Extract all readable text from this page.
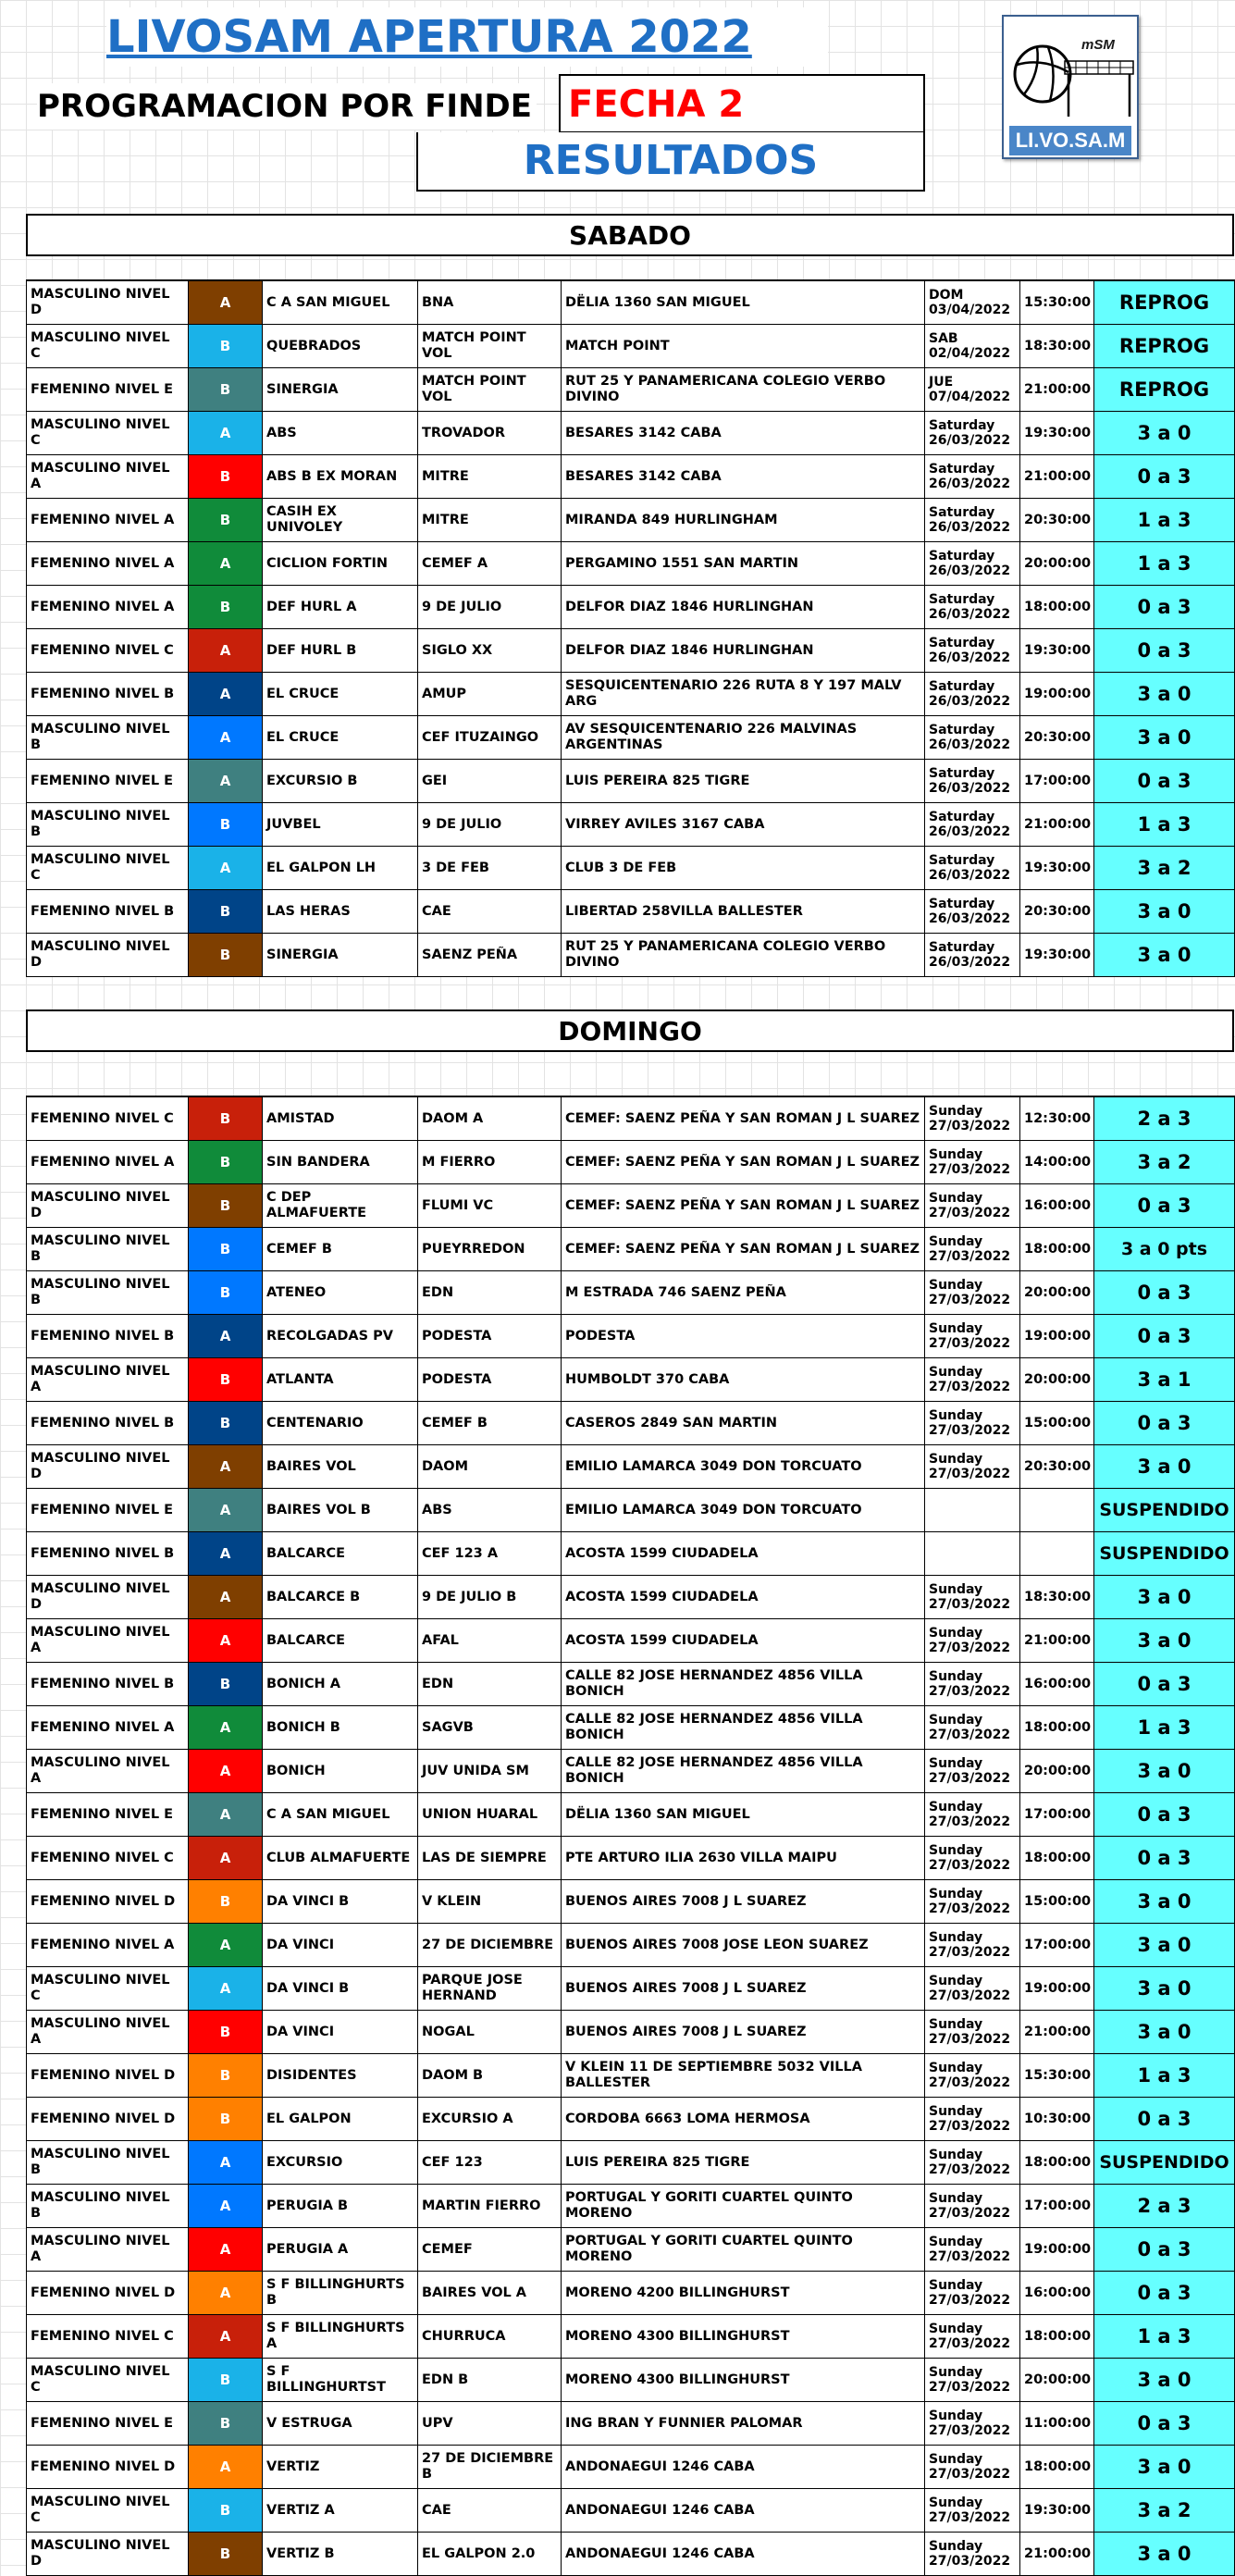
LIVOSAM APERTURA 2022
PROGRAMACION POR FINDE FECHA 2
RESULTADOS
mSM
LI.VO.SA.M
SABADO
MASCULINO NIVEL D	A	C A SAN MIGUEL	BNA	DËLIA 1360 SAN MIGUEL	DOM 03/04/2022	15:30:00	REPROG
MASCULINO NIVEL C	B	QUEBRADOS	MATCH POINT VOL	MATCH POINT	SAB 02/04/2022	18:30:00	REPROG
FEMENINO NIVEL E	B	SINERGIA	MATCH POINT VOL	RUT 25 Y PANAMERICANA COLEGIO VERBO DIVINO	JUE 07/04/2022	21:00:00	REPROG
MASCULINO NIVEL C	A	ABS	TROVADOR	BESARES 3142 CABA	Saturday 26/03/2022	19:30:00	3 a 0
MASCULINO NIVEL A	B	ABS B EX MORAN	MITRE	BESARES 3142 CABA	Saturday 26/03/2022	21:00:00	0 a 3
FEMENINO NIVEL A	B	CASIH EX UNIVOLEY	MITRE	MIRANDA 849 HURLINGHAM	Saturday 26/03/2022	20:30:00	1 a 3
FEMENINO NIVEL A	A	CICLION FORTIN	CEMEF A	PERGAMINO 1551 SAN MARTIN	Saturday 26/03/2022	20:00:00	1 a 3
FEMENINO NIVEL A	B	DEF HURL A	9 DE JULIO	DELFOR DIAZ 1846 HURLINGHAN	Saturday 26/03/2022	18:00:00	0 a 3
FEMENINO NIVEL C	A	DEF HURL B	SIGLO XX	DELFOR DIAZ 1846 HURLINGHAN	Saturday 26/03/2022	19:30:00	0 a 3
FEMENINO NIVEL B	A	EL CRUCE	AMUP	SESQUICENTENARIO 226 RUTA 8 Y 197 MALV ARG	Saturday 26/03/2022	19:00:00	3 a 0
MASCULINO NIVEL B	A	EL CRUCE	CEF ITUZAINGO	AV SESQUICENTENARIO 226 MALVINAS ARGENTINAS	Saturday 26/03/2022	20:30:00	3 a 0
FEMENINO NIVEL E	A	EXCURSIO B	GEI	LUIS PEREIRA 825 TIGRE	Saturday 26/03/2022	17:00:00	0 a 3
MASCULINO NIVEL B	B	JUVBEL	9 DE JULIO	VIRREY AVILES 3167 CABA	Saturday 26/03/2022	21:00:00	1 a 3
MASCULINO NIVEL C	A	EL GALPON LH	3 DE FEB	CLUB 3 DE FEB	Saturday 26/03/2022	19:30:00	3 a 2
FEMENINO NIVEL B	B	LAS HERAS	CAE	LIBERTAD 258VILLA BALLESTER	Saturday 26/03/2022	20:30:00	3 a 0
MASCULINO NIVEL D	B	SINERGIA	SAENZ PEÑA	RUT 25 Y PANAMERICANA COLEGIO VERBO DIVINO	Saturday 26/03/2022	19:30:00	3 a 0
DOMINGO
FEMENINO NIVEL C	B	AMISTAD	DAOM A	CEMEF: SAENZ PEÑA Y SAN ROMAN J L SUAREZ	Sunday 27/03/2022	12:30:00	2 a 3
FEMENINO NIVEL A	B	SIN BANDERA	M FIERRO	CEMEF: SAENZ PEÑA Y SAN ROMAN J L SUAREZ	Sunday 27/03/2022	14:00:00	3 a 2
MASCULINO NIVEL D	B	C DEP ALMAFUERTE	FLUMI VC	CEMEF: SAENZ PEÑA Y SAN ROMAN J L SUAREZ	Sunday 27/03/2022	16:00:00	0 a 3
MASCULINO NIVEL B	B	CEMEF B	PUEYRREDON	CEMEF: SAENZ PEÑA Y SAN ROMAN J L SUAREZ	Sunday 27/03/2022	18:00:00	3 a 0 pts
MASCULINO NIVEL B	B	ATENEO	EDN	M ESTRADA 746 SAENZ PEÑA	Sunday 27/03/2022	20:00:00	0 a 3
FEMENINO NIVEL B	A	RECOLGADAS PV	PODESTA	PODESTA	Sunday 27/03/2022	19:00:00	0 a 3
MASCULINO NIVEL A	B	ATLANTA	PODESTA	HUMBOLDT 370 CABA	Sunday 27/03/2022	20:00:00	3 a 1
FEMENINO NIVEL B	B	CENTENARIO	CEMEF B	CASEROS 2849 SAN MARTIN	Sunday 27/03/2022	15:00:00	0 a 3
MASCULINO NIVEL D	A	BAIRES VOL	DAOM	EMILIO LAMARCA 3049 DON TORCUATO	Sunday 27/03/2022	20:30:00	3 a 0
FEMENINO NIVEL E	A	BAIRES VOL B	ABS	EMILIO LAMARCA 3049 DON TORCUATO			SUSPENDIDO
FEMENINO NIVEL B	A	BALCARCE	CEF 123 A	ACOSTA 1599 CIUDADELA			SUSPENDIDO
MASCULINO NIVEL D	A	BALCARCE B	9 DE JULIO B	ACOSTA 1599 CIUDADELA	Sunday 27/03/2022	18:30:00	3 a 0
MASCULINO NIVEL A	A	BALCARCE	AFAL	ACOSTA 1599 CIUDADELA	Sunday 27/03/2022	21:00:00	3 a 0
FEMENINO NIVEL B	B	BONICH A	EDN	CALLE 82 JOSE HERNANDEZ 4856 VILLA BONICH	Sunday 27/03/2022	16:00:00	0 a 3
FEMENINO NIVEL A	A	BONICH B	SAGVB	CALLE 82 JOSE HERNANDEZ 4856 VILLA BONICH	Sunday 27/03/2022	18:00:00	1 a 3
MASCULINO NIVEL A	A	BONICH	JUV UNIDA SM	CALLE 82 JOSE HERNANDEZ 4856 VILLA BONICH	Sunday 27/03/2022	20:00:00	3 a 0
FEMENINO NIVEL E	A	C A SAN MIGUEL	UNION HUARAL	DËLIA 1360 SAN MIGUEL	Sunday 27/03/2022	17:00:00	0 a 3
FEMENINO NIVEL C	A	CLUB ALMAFUERTE	LAS DE SIEMPRE	PTE ARTURO ILIA 2630 VILLA MAIPU	Sunday 27/03/2022	18:00:00	0 a 3
FEMENINO NIVEL D	B	DA VINCI B	V KLEIN	BUENOS AIRES 7008 J L SUAREZ	Sunday 27/03/2022	15:00:00	3 a 0
FEMENINO NIVEL A	A	DA VINCI	27 DE DICIEMBRE	BUENOS AIRES 7008 JOSE LEON SUAREZ	Sunday 27/03/2022	17:00:00	3 a 0
MASCULINO NIVEL C	A	DA VINCI B	PARQUE JOSE HERNAND	BUENOS AIRES 7008 J L SUAREZ	Sunday 27/03/2022	19:00:00	3 a 0
MASCULINO NIVEL A	B	DA VINCI	NOGAL	BUENOS AIRES 7008 J L SUAREZ	Sunday 27/03/2022	21:00:00	3 a 0
FEMENINO NIVEL D	B	DISIDENTES	DAOM B	V KLEIN 11 DE SEPTIEMBRE 5032 VILLA BALLESTER	Sunday 27/03/2022	15:30:00	1 a 3
FEMENINO NIVEL D	B	EL GALPON	EXCURSIO A	CORDOBA 6663 LOMA HERMOSA	Sunday 27/03/2022	10:30:00	0 a 3
MASCULINO NIVEL B	A	EXCURSIO	CEF 123	LUIS PEREIRA 825 TIGRE	Sunday 27/03/2022	18:00:00	SUSPENDIDO
MASCULINO NIVEL B	A	PERUGIA B	MARTIN FIERRO	PORTUGAL Y GORITI CUARTEL QUINTO MORENO	Sunday 27/03/2022	17:00:00	2 a 3
MASCULINO NIVEL A	A	PERUGIA A	CEMEF	PORTUGAL Y GORITI CUARTEL QUINTO MORENO	Sunday 27/03/2022	19:00:00	0 a 3
FEMENINO NIVEL D	A	S F BILLINGHURTS B	BAIRES VOL A	MORENO 4200 BILLINGHURST	Sunday 27/03/2022	16:00:00	0 a 3
FEMENINO NIVEL C	A	S F BILLINGHURTS A	CHURRUCA	MORENO 4300 BILLINGHURST	Sunday 27/03/2022	18:00:00	1 a 3
MASCULINO NIVEL C	B	S F BILLINGHURTST	EDN B	MORENO 4300 BILLINGHURST	Sunday 27/03/2022	20:00:00	3 a 0
FEMENINO NIVEL E	B	V ESTRUGA	UPV	ING BRAN Y FUNNIER PALOMAR	Sunday 27/03/2022	11:00:00	0 a 3
FEMENINO NIVEL D	A	VERTIZ	27 DE DICIEMBRE B	ANDONAEGUI 1246 CABA	Sunday 27/03/2022	18:00:00	3 a 0
MASCULINO NIVEL C	B	VERTIZ A	CAE	ANDONAEGUI 1246 CABA	Sunday 27/03/2022	19:30:00	3 a 2
MASCULINO NIVEL D	B	VERTIZ B	EL GALPON 2.0	ANDONAEGUI 1246 CABA	Sunday 27/03/2022	21:00:00	3 a 0
